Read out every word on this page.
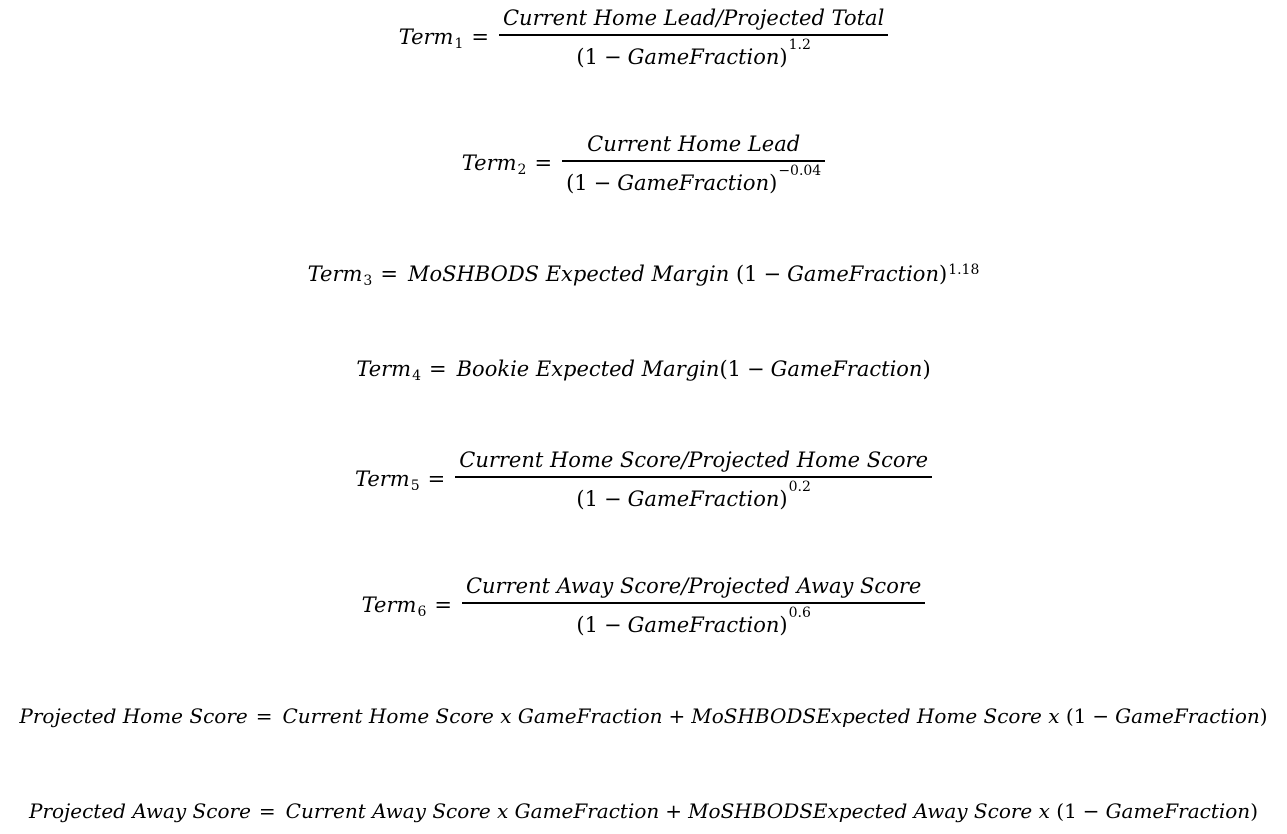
Term$_1$ = $\frac{\text{Current Home Lead/Projected Total}}{(1 - GameFraction)^{1.2}}$
Term$_2$ = $\frac{\text{Current Home Lead}}{(1 - GameFraction)^{-0.04}}$
Term$_3$ = MoSHBODS Expected Margin
(1 − GameFraction )$^{1.18}$
Term$_4$ = Bookie Expected Margin (1 − GameFraction )
Term$_5$ = $\frac{\text{Current Home Score/Projected Home Score}}{(1 - GameFraction)^{0.2}}$
Term$_6$ = $\frac{\text{Current Away Score/Projected Away Score}}{(1 - GameFraction)^{0.6}}$
Projected Home Score = Current Home Score x GameFraction + MoSHBODSExpected Home Score x (1 − GameFraction )
Projected Away Score = Current Away Score x GameFraction + MoSHBODSExpected Away Score x (1 − GameFraction )
